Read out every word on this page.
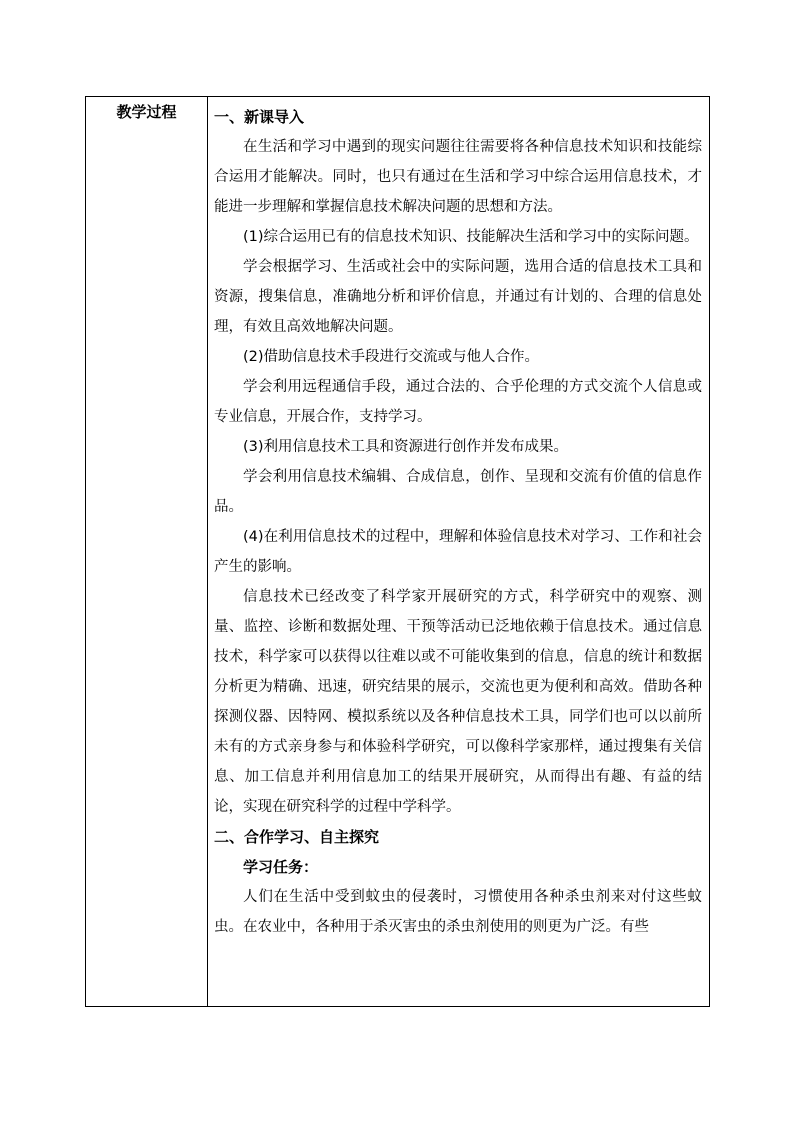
教学过程	一、新课导入

在生活和学习中遇到的现实问题往往需要将各种信息技术知识和技能综合运用才能解决。同时，也只有通过在生活和学习中综合运用信息技术，才能进一步理解和掌握信息技术解决问题的思想和方法。

(1)综合运用已有的信息技术知识、技能解决生活和学习中的实际问题。

学会根据学习、生活或社会中的实际问题，选用合适的信息技术工具和资源，搜集信息，准确地分析和评价信息，并通过有计划的、合理的信息处理，有效且高效地解决问题。

(2)借助信息技术手段进行交流或与他人合作。

学会利用远程通信手段，通过合法的、合乎伦理的方式交流个人信息或专业信息，开展合作，支持学习。

(3)利用信息技术工具和资源进行创作并发布成果。

学会利用信息技术编辑、合成信息，创作、呈现和交流有价值的信息作品。

(4)在利用信息技术的过程中，理解和体验信息技术对学习、工作和社会产生的影响。

信息技术已经改变了科学家开展研究的方式，科学研究中的观察、测量、监控、诊断和数据处理、干预等活动已泛地依赖于信息技术。通过信息技术，科学家可以获得以往难以或不可能收集到的信息，信息的统计和数据分析更为精确、迅速，研究结果的展示，交流也更为便利和高效。借助各种探测仪器、因特网、模拟系统以及各种信息技术工具，同学们也可以以前所未有的方式亲身参与和体验科学研究，可以像科学家那样，通过搜集有关信息、加工信息并利用信息加工的结果开展研究，从而得出有趣、有益的结论，实现在研究科学的过程中学科学。

二、合作学习、自主探究

学习任务：

人们在生活中受到蚊虫的侵袭时，习惯使用各种杀虫剂来对付这些蚊虫。在农业中，各种用于杀灭害虫的杀虫剂使用的则更为广泛。有些
